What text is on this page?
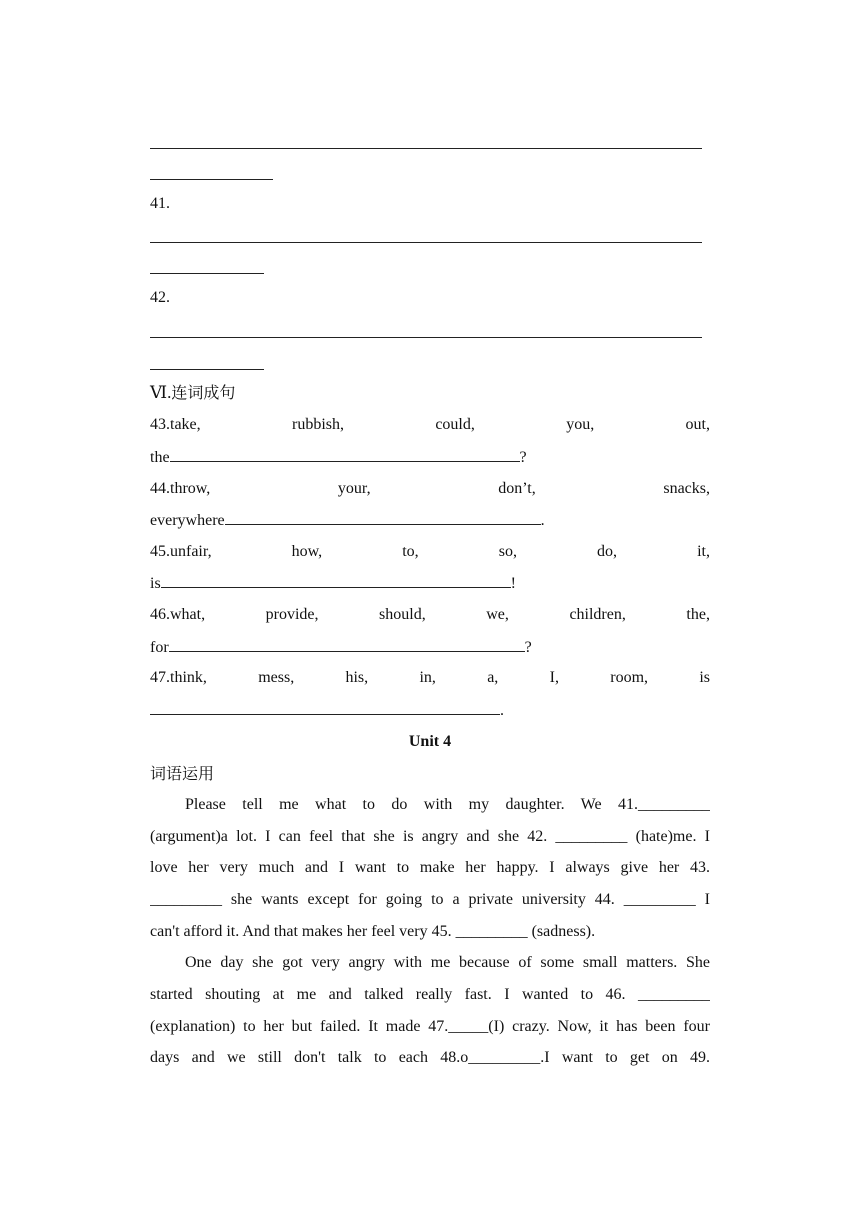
41.
42.
Ⅵ.连词成句
43.take,	rubbish,	could,	you,	out,
the	?
44.throw,	your,	don’t,	snacks,
everywhere	.
45.unfair,	how,	to,	so,	do,	it,
is	!
46.what,	provide,	should,	we,	children,	the,
for	?
47.think,	mess,	his,	in,	a,	I,	room,	is
.
Unit 4
词语运用
Please tell me what to do with my daughter. We 41._________
(argument)a lot. I can feel that she is angry and she 42. _________ (hate)me. I
love her very much and I want to make her happy. I always give her 43.
_________ she wants except for going to a private university 44. _________ I
can't afford it. And that makes her feel very 45. _________ (sadness).
One day she got very angry with me because of some small matters. She
started shouting at me and talked really fast. I wanted to 46. _________
(explanation) to her but failed. It made 47._____(I) crazy. Now, it has been four
days and we still don't talk to each 48.o_________.I want to get on 49.
